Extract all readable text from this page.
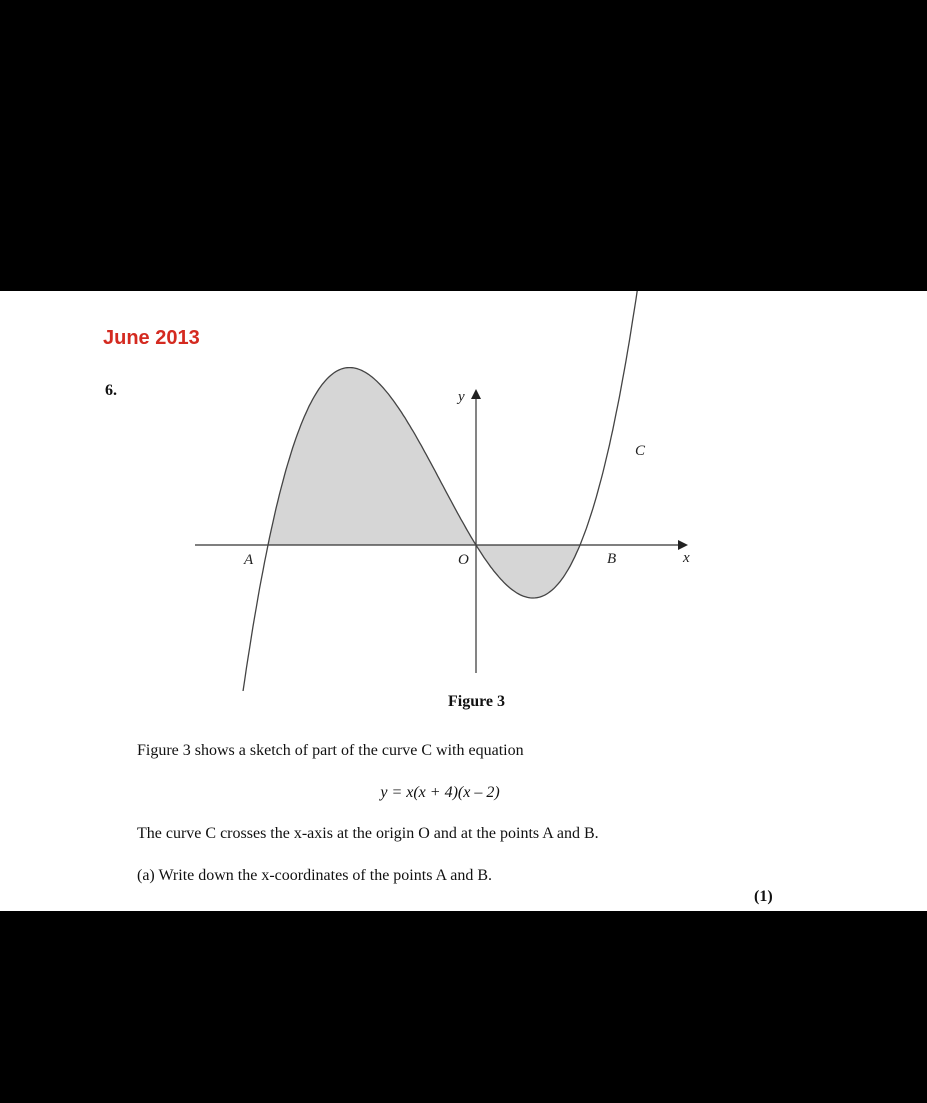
June 2013
6.	y
x
O
A	B
C
Figure 3
Figure 3 shows a sketch of part of the curve C with equation
y = x(x + 4)(x – 2)
The curve C crosses the x-axis at the origin O and at the points A and B.
(a) Write down the x-coordinates of the points A and B.
(1)
